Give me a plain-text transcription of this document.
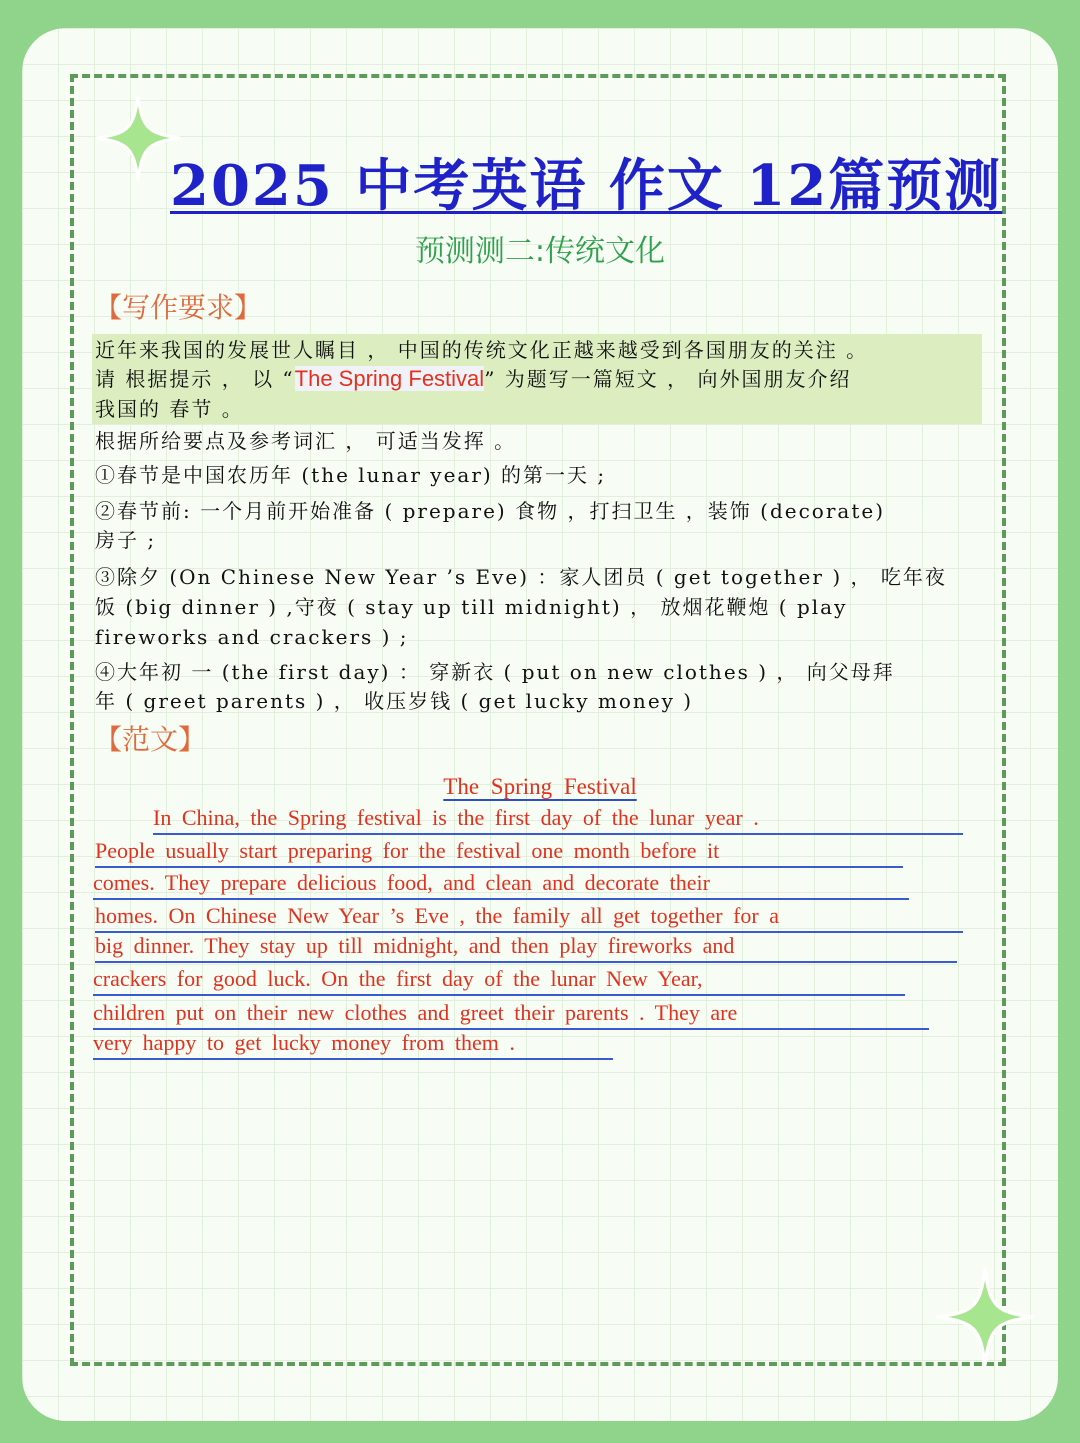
2025 中考英语 作文 12篇预测
预测测二:传统文化
【写作要求】
近年来我国的发展世人瞩目 ， 中国的传统文化正越来越受到各国朋友的关注 。
请 根据提示 ， 以 “The Spring Festival” 为题写一篇短文 ， 向外国朋友介绍
我国的 春节 。
根据所给要点及参考词汇 ， 可适当发挥 。
①春节是中国农历年 (the lunar year) 的第一天 ;
②春节前: 一个月前开始准备 ( prepare) 食物 ，打扫卫生 ，装饰 (decorate)
房子 ;
③除夕 (On Chinese New Year ’s Eve) ：家人团员 ( get together ) ， 吃年夜
饭 (big dinner ) ,守夜 ( stay up till midnight) ， 放烟花鞭炮 ( play
fireworks and crackers ) ;
④大年初 一 (the first day) ： 穿新衣 ( put on new clothes ) ， 向父母拜
年 ( greet parents ) ， 收压岁钱 ( get lucky money )
【范文】
The Spring Festival
In China, the Spring festival is the first day of the lunar year .
People usually start preparing for the festival one month before it
comes. They prepare delicious food, and clean and decorate their
homes. On Chinese New Year ’s Eve , the family all get together for a
big dinner. They stay up till midnight, and then play fireworks and
crackers for good luck. On the first day of the lunar New Year,
children put on their new clothes and greet their parents . They are
very happy to get lucky money from them .
